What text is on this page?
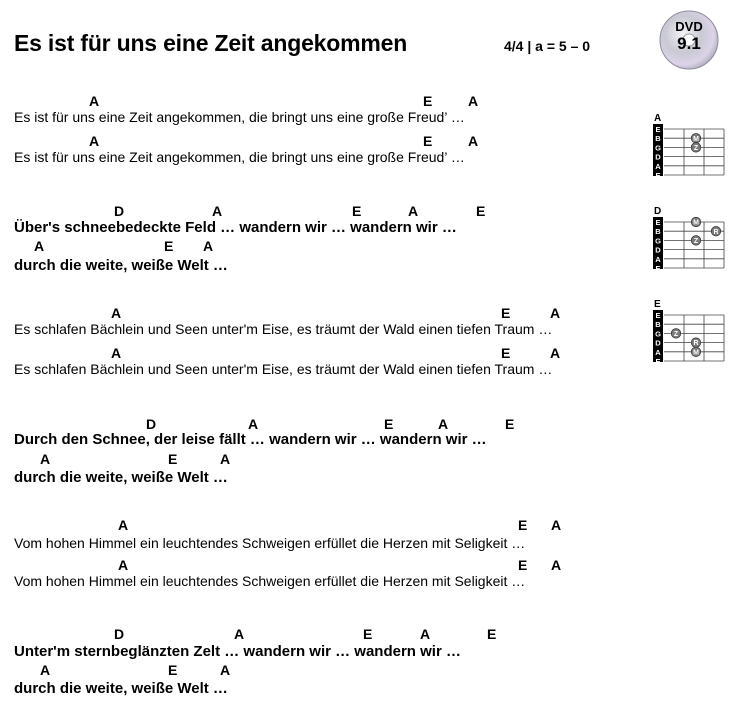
Es ist für uns eine Zeit angekommen	4/4 | a = 5 – 0
DVD
9.1
A	E	A
Es ist für uns eine Zeit angekommen, die bringt uns eine große Freud’ …
A	E	A
Es ist für uns eine Zeit angekommen, die bringt uns eine große Freud’ …
D	A	E	A	E
Über's schneebedeckte Feld … wandern wir … wandern wir …
A	E A
durch die weite, weiße Welt …
A	E	A
Es schlafen Bächlein und Seen unter'm Eise, es träumt der Wald einen tiefen Traum …
A	E	A
Es schlafen Bächlein und Seen unter'm Eise, es träumt der Wald einen tiefen Traum …
D	A	E	A	E
Durch den Schnee, der leise fällt … wandern wir … wandern wir …
A	E	A
durch die weite, weiße Welt …
A	E A
Vom hohen Himmel ein leuchtendes Schweigen erfüllet die Herzen mit Seligkeit …
A	E A
Vom hohen Himmel ein leuchtendes Schweigen erfüllet die Herzen mit Seligkeit …
D	A	E	A	E
Unter'm sternbeglänzten Zelt … wandern wir … wandern wir …
A	E	A
durch die weite, weiße Welt …
A
E
B
G
D
A
E
M
Z
D
E
B
G
D
A
E
M
R
Z
E
E
B
G
D
A
E
Z
R
M
